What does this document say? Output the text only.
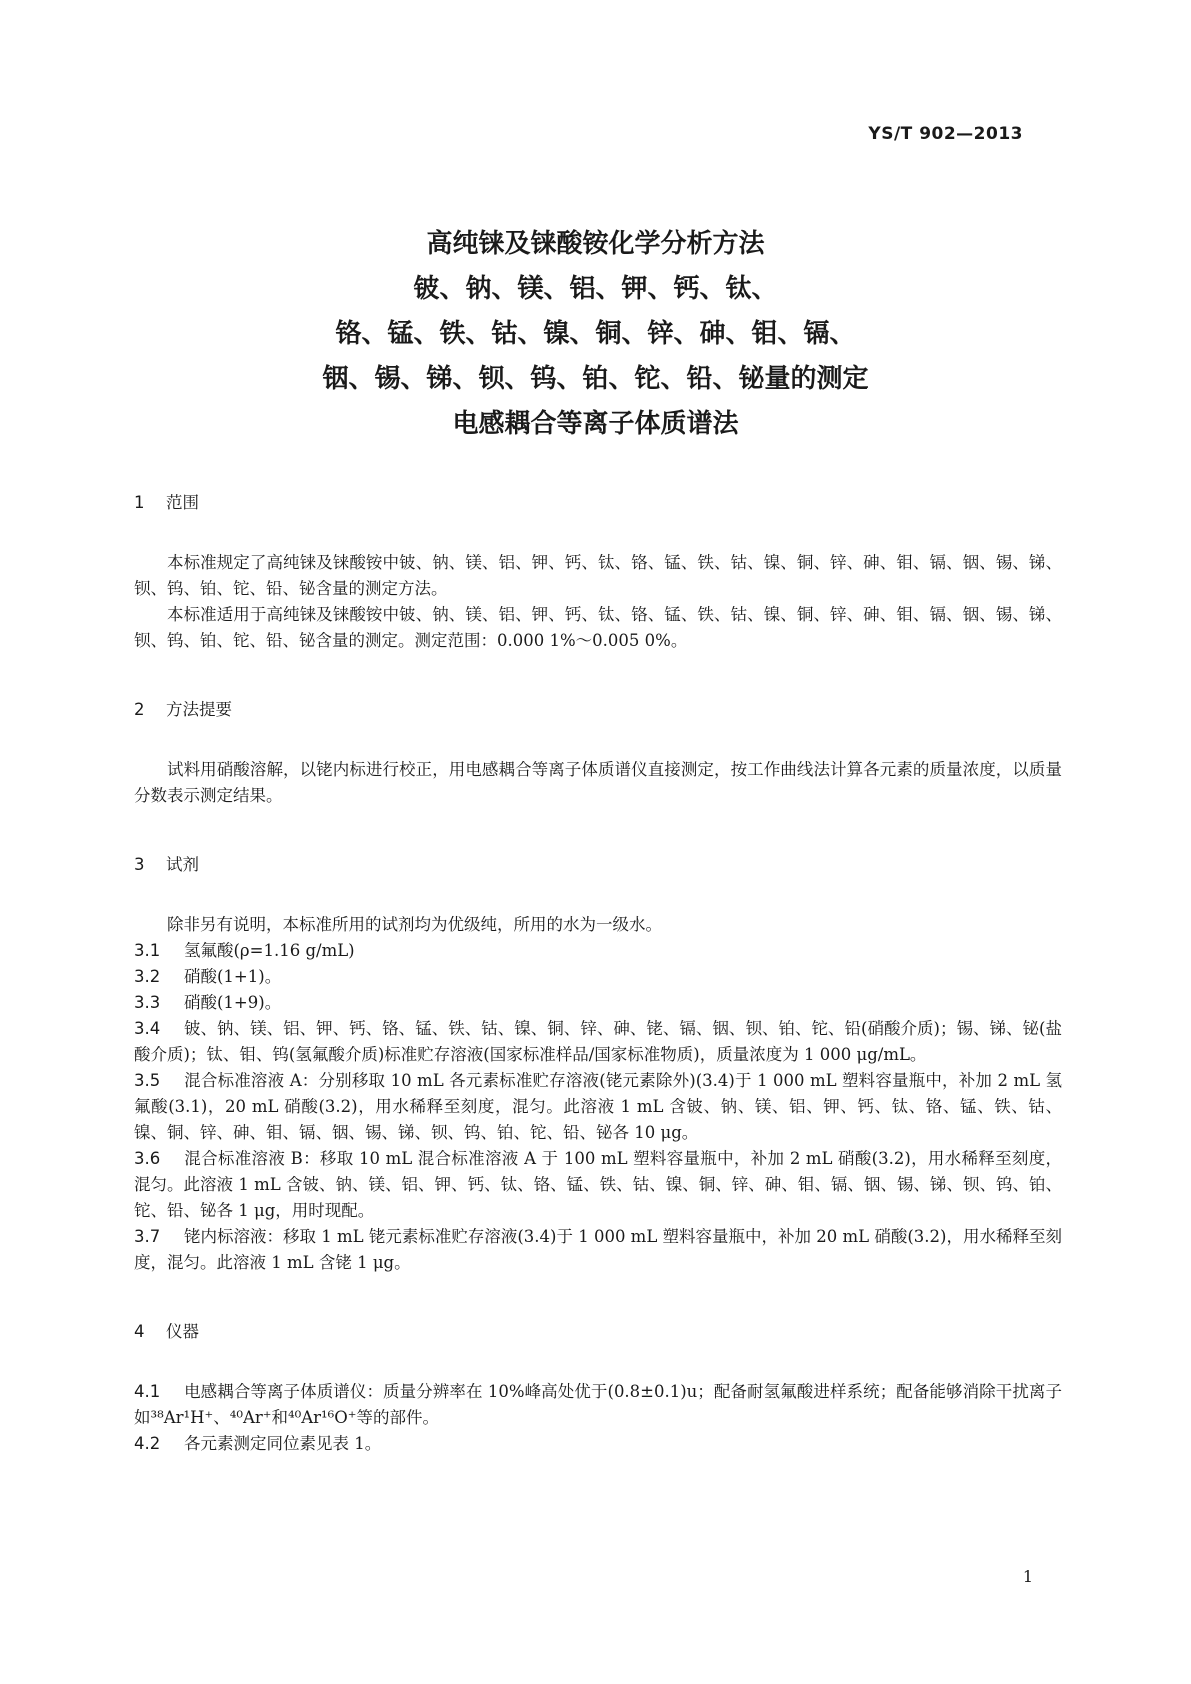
YS/T 902—2013
高纯铼及铼酸铵化学分析方法
铍、钠、镁、铝、钾、钙、钛、
铬、锰、铁、钴、镍、铜、锌、砷、钼、镉、
铟、锡、锑、钡、钨、铂、铊、铅、铋量的测定
电感耦合等离子体质谱法

1 范围

本标准规定了高纯铼及铼酸铵中铍、钠、镁、铝、钾、钙、钛、铬、锰、铁、钴、镍、铜、锌、砷、钼、镉、铟、锡、锑、钡、钨、铂、铊、铅、铋含量的测定方法。

本标准适用于高纯铼及铼酸铵中铍、钠、镁、铝、钾、钙、钛、铬、锰、铁、钴、镍、铜、锌、砷、钼、镉、铟、锡、锑、钡、钨、铂、铊、铅、铋含量的测定。测定范围：0.000 1%～0.005 0%。

2 方法提要

试料用硝酸溶解，以铑内标进行校正，用电感耦合等离子体质谱仪直接测定，按工作曲线法计算各元素的质量浓度，以质量分数表示测定结果。

3 试剂

除非另有说明，本标准所用的试剂均为优级纯，所用的水为一级水。

3.1 氢氟酸(ρ=1.16 g/mL)

3.2 硝酸(1+1)。

3.3 硝酸(1+9)。

3.4 铍、钠、镁、铝、钾、钙、铬、锰、铁、钴、镍、铜、锌、砷、铑、镉、铟、钡、铂、铊、铅(硝酸介质)；锡、锑、铋(盐酸介质)；钛、钼、钨(氢氟酸介质)标准贮存溶液(国家标准样品/国家标准物质)，质量浓度为 1 000 μg/mL。

3.5 混合标准溶液 A：分别移取 10 mL 各元素标准贮存溶液(铑元素除外)(3.4)于 1 000 mL 塑料容量瓶中，补加 2 mL 氢氟酸(3.1)，20 mL 硝酸(3.2)，用水稀释至刻度，混匀。此溶液 1 mL 含铍、钠、镁、铝、钾、钙、钛、铬、锰、铁、钴、镍、铜、锌、砷、钼、镉、铟、锡、锑、钡、钨、铂、铊、铅、铋各 10 μg。

3.6 混合标准溶液 B：移取 10 mL 混合标准溶液 A 于 100 mL 塑料容量瓶中，补加 2 mL 硝酸(3.2)，用水稀释至刻度，混匀。此溶液 1 mL 含铍、钠、镁、铝、钾、钙、钛、铬、锰、铁、钴、镍、铜、锌、砷、钼、镉、铟、锡、锑、钡、钨、铂、铊、铅、铋各 1 μg，用时现配。

3.7 铑内标溶液：移取 1 mL 铑元素标准贮存溶液(3.4)于 1 000 mL 塑料容量瓶中，补加 20 mL 硝酸(3.2)，用水稀释至刻度，混匀。此溶液 1 mL 含铑 1 μg。

4 仪器

4.1 电感耦合等离子体质谱仪：质量分辨率在 10%峰高处优于(0.8±0.1)u；配备耐氢氟酸进样系统；配备能够消除干扰离子如³⁸Ar¹H⁺、⁴⁰Ar⁺和⁴⁰Ar¹⁶O⁺等的部件。

4.2 各元素测定同位素见表 1。

1
